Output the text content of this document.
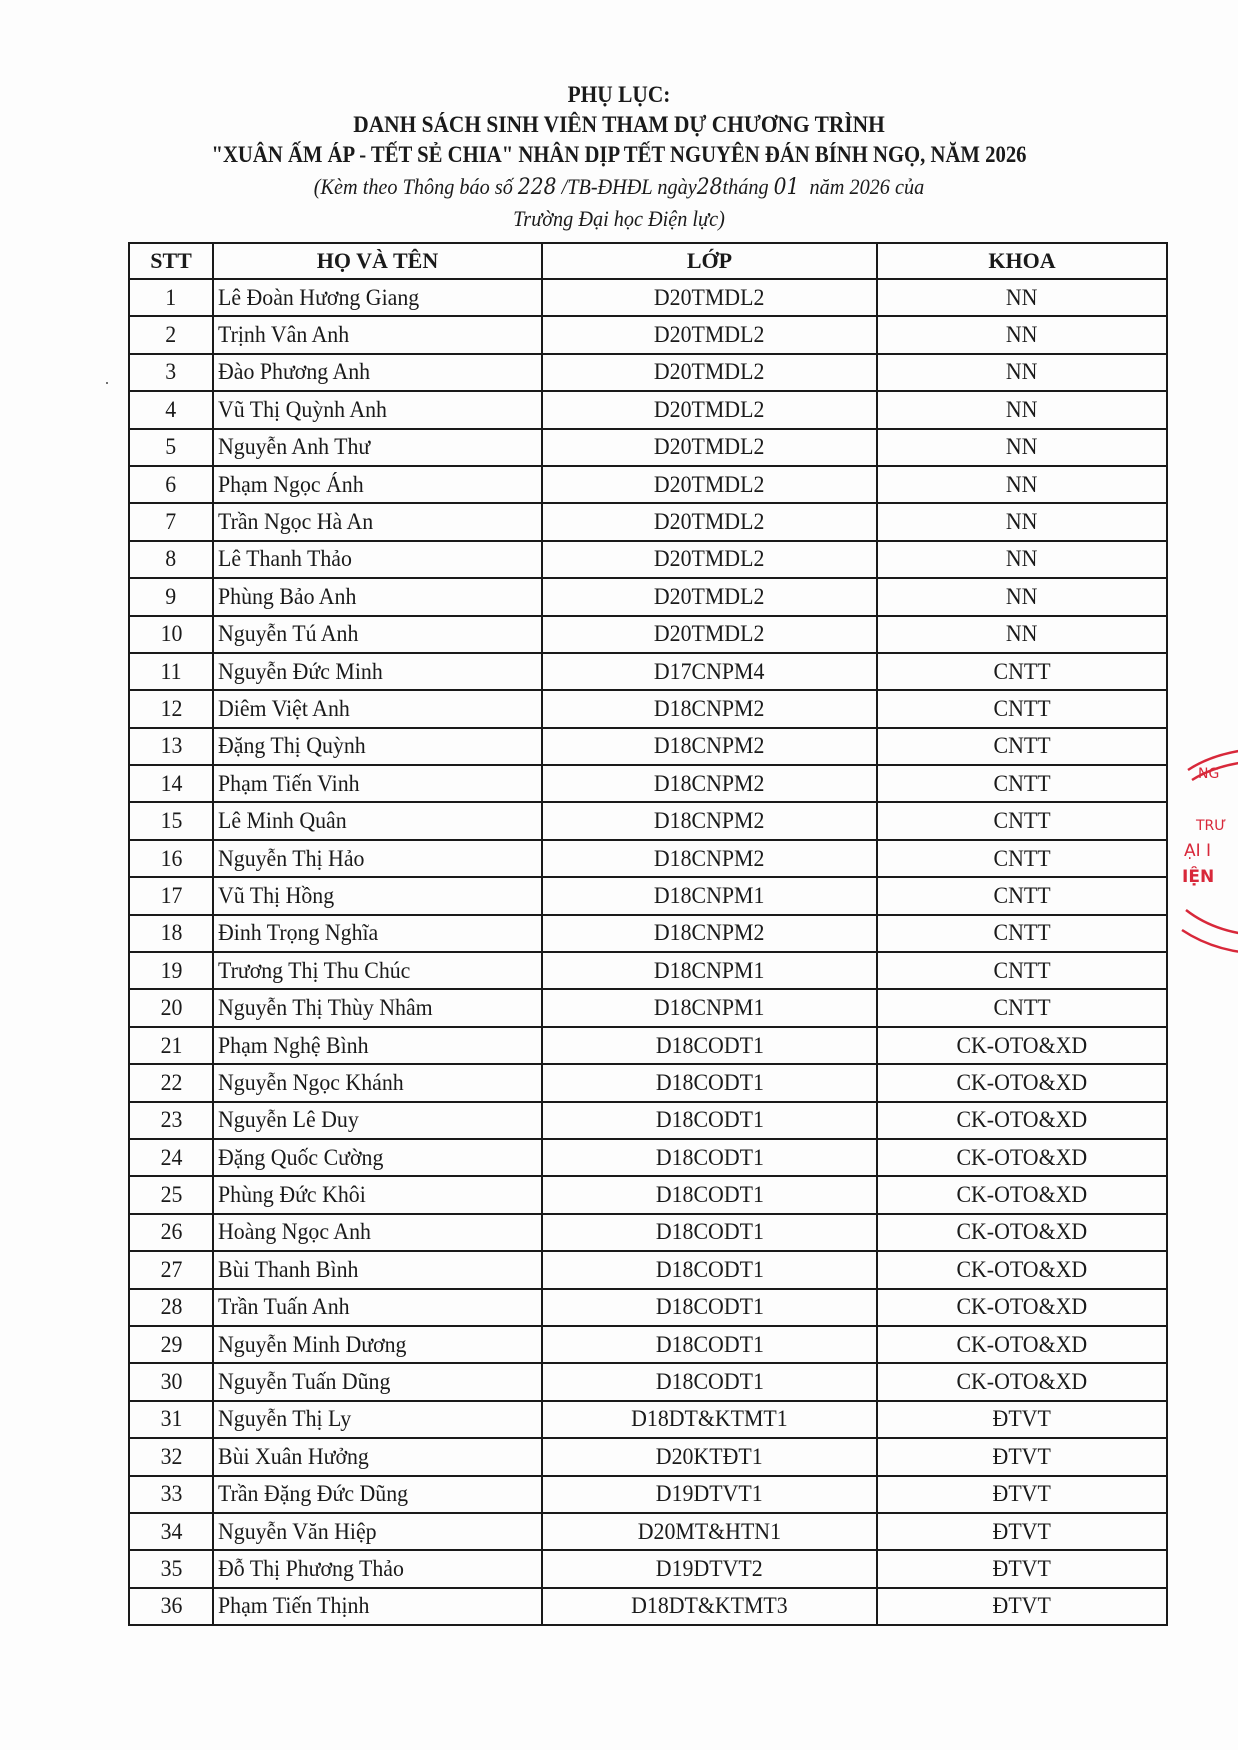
PHỤ LỤC:
DANH SÁCH SINH VIÊN THAM DỰ CHƯƠNG TRÌNH
"XUÂN ẤM ÁP - TẾT SẺ CHIA" NHÂN DỊP TẾT NGUYÊN ĐÁN BÍNH NGỌ, NĂM 2026
(Kèm theo Thông báo số 228 /TB-ĐHĐL ngày28tháng 01  năm 2026 của
Trường Đại học Điện lực)
STT	HỌ VÀ TÊN	LỚP	KHOA
1	Lê Đoàn Hương Giang	D20TMDL2	NN
2	Trịnh Vân Anh	D20TMDL2	NN
3	Đào Phương Anh	D20TMDL2	NN
4	Vũ Thị Quỳnh Anh	D20TMDL2	NN
5	Nguyễn Anh Thư	D20TMDL2	NN
6	Phạm Ngọc Ánh	D20TMDL2	NN
7	Trần Ngọc Hà An	D20TMDL2	NN
8	Lê Thanh Thảo	D20TMDL2	NN
9	Phùng Bảo Anh	D20TMDL2	NN
10	Nguyễn Tú Anh	D20TMDL2	NN
11	Nguyễn Đức Minh	D17CNPM4	CNTT
12	Diêm Việt Anh	D18CNPM2	CNTT
13	Đặng Thị Quỳnh	D18CNPM2	CNTT
14	Phạm Tiến Vinh	D18CNPM2	CNTT
15	Lê Minh Quân	D18CNPM2	CNTT
16	Nguyễn Thị Hảo	D18CNPM2	CNTT
17	Vũ Thị Hồng	D18CNPM1	CNTT
18	Đinh Trọng Nghĩa	D18CNPM2	CNTT
19	Trương Thị Thu Chúc	D18CNPM1	CNTT
20	Nguyễn Thị Thùy Nhâm	D18CNPM1	CNTT
21	Phạm Nghệ Bình	D18CODT1	CK-OTO&XD
22	Nguyễn Ngọc Khánh	D18CODT1	CK-OTO&XD
23	Nguyễn Lê Duy	D18CODT1	CK-OTO&XD
24	Đặng Quốc Cường	D18CODT1	CK-OTO&XD
25	Phùng Đức Khôi	D18CODT1	CK-OTO&XD
26	Hoàng Ngọc Anh	D18CODT1	CK-OTO&XD
27	Bùi Thanh Bình	D18CODT1	CK-OTO&XD
28	Trần Tuấn Anh	D18CODT1	CK-OTO&XD
29	Nguyễn Minh Dương	D18CODT1	CK-OTO&XD
30	Nguyễn Tuấn Dũng	D18CODT1	CK-OTO&XD
31	Nguyễn Thị Ly	D18DT&KTMT1	ĐTVT
32	Bùi Xuân Hưởng	D20KTĐT1	ĐTVT
33	Trần Đặng Đức Dũng	D19DTVT1	ĐTVT
34	Nguyễn Văn Hiệp	D20MT&HTN1	ĐTVT
35	Đỗ Thị Phương Thảo	D19DTVT2	ĐTVT
36	Phạm Tiến Thịnh	D18DT&KTMT3	ĐTVT
NG
TRƯ
ẠI I
IỆN
